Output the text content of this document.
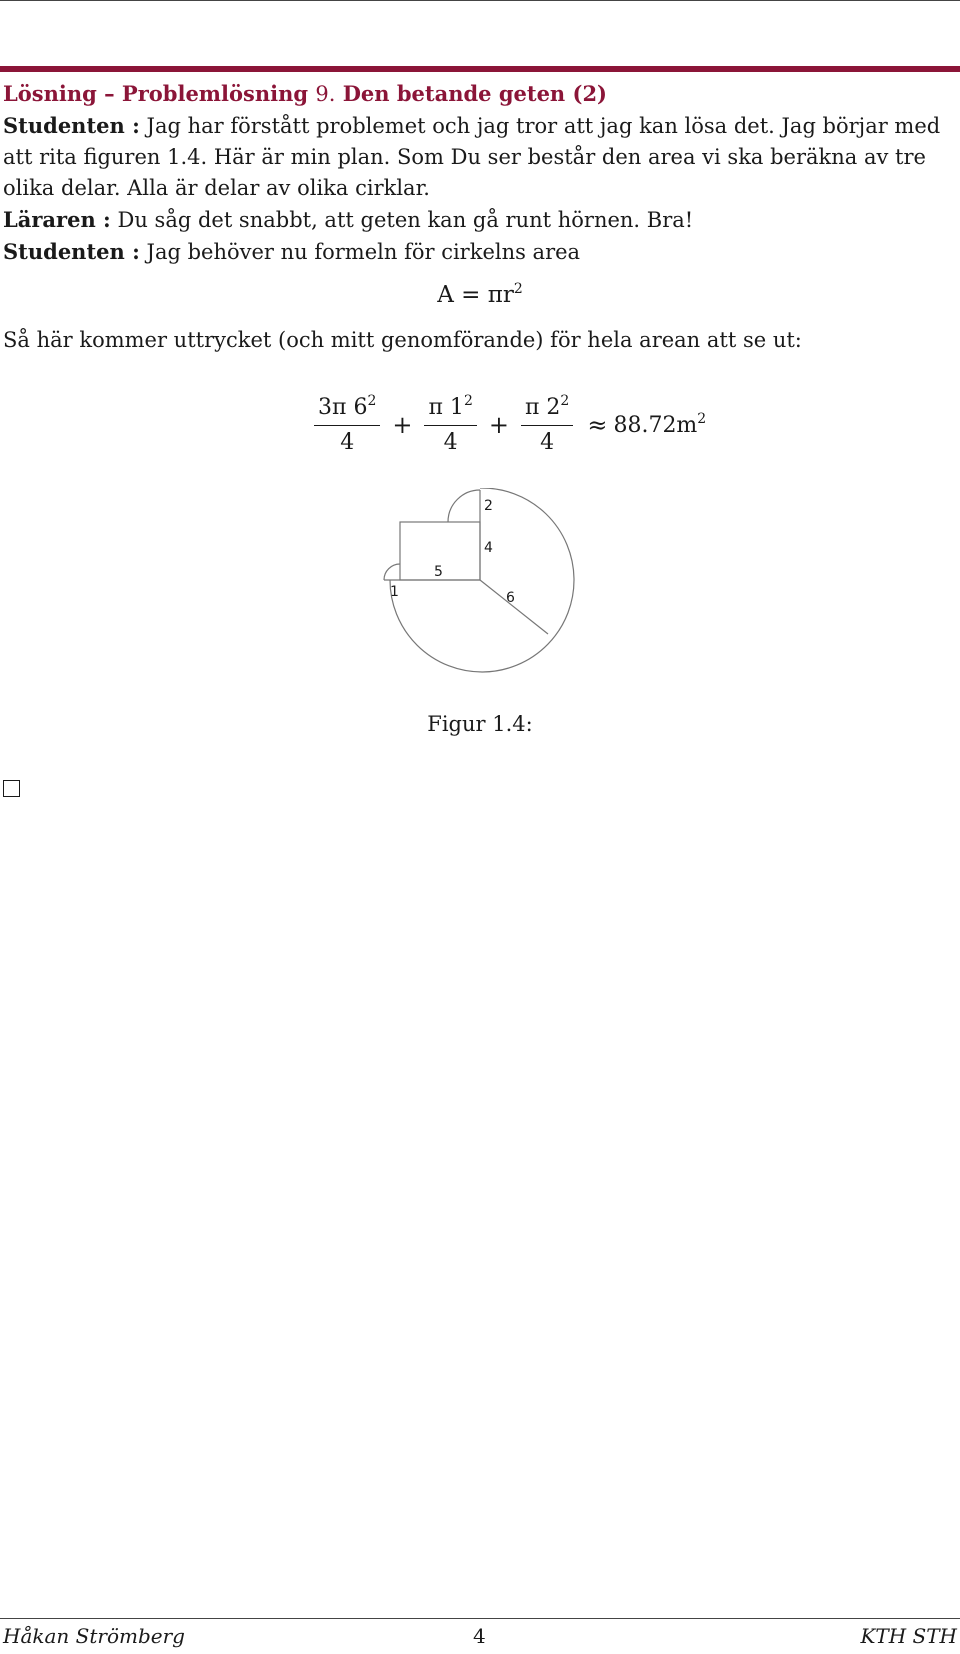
Lösning – Problemlösning 9. Den betande geten (2)

Studenten : Jag har förstått problemet och jag tror att jag kan lösa det. Jag börjar med att rita figuren 1.4. Här är min plan. Som Du ser består den area vi ska beräkna av tre olika delar. Alla är delar av olika cirklar.

Läraren : Du såg det snabbt, att geten kan gå runt hörnen. Bra!

Studenten : Jag behöver nu formeln för cirkelns area

$A = \pi r^2$

Så här kommer uttrycket (och mitt genomförande) för hela arean att se ut:

$\frac{3\pi 6^2}{4} + \frac{\pi 1^2}{4} + \frac{\pi 2^2}{4} \approx 88.72m^2$
2
4
5
1	6
Figur 1.4:
Håkan Strömberg	4	KTH STH
